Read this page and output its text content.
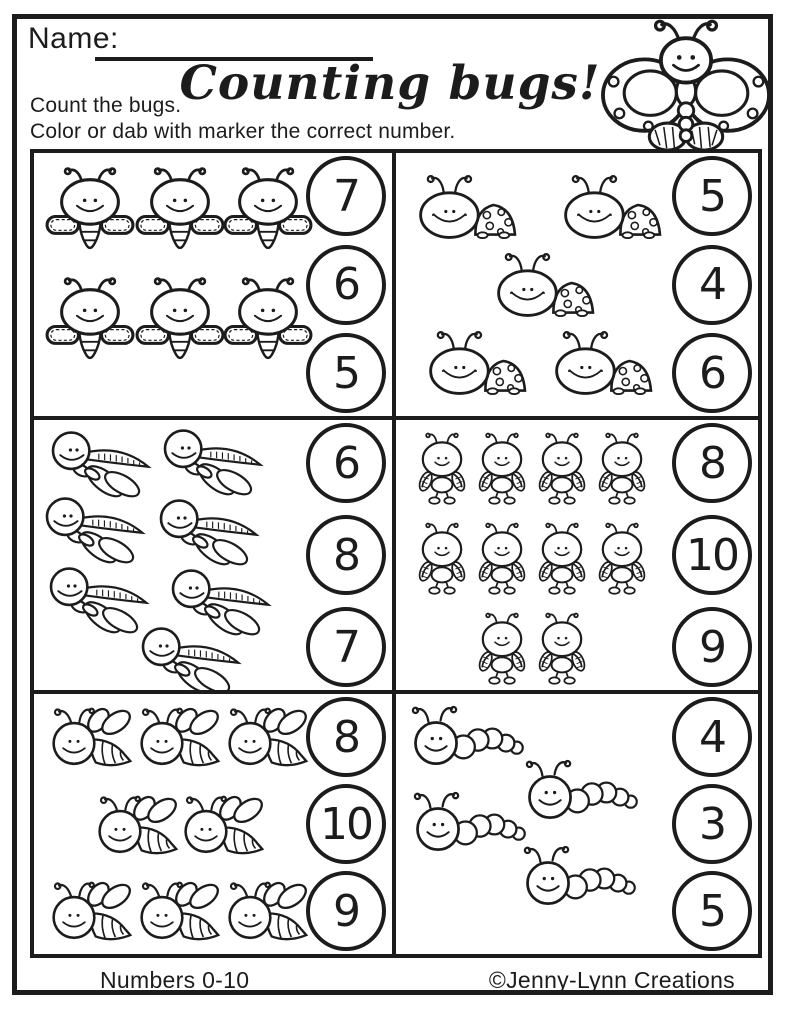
Name:
Counting bugs!
Count the bugs.
Color or dab with marker the correct number.
7
6
5
5
4
6
6
8
7
8
10
9
8
10
9
4
3
5
Numbers 0-10	©Jenny-Lynn Creations
